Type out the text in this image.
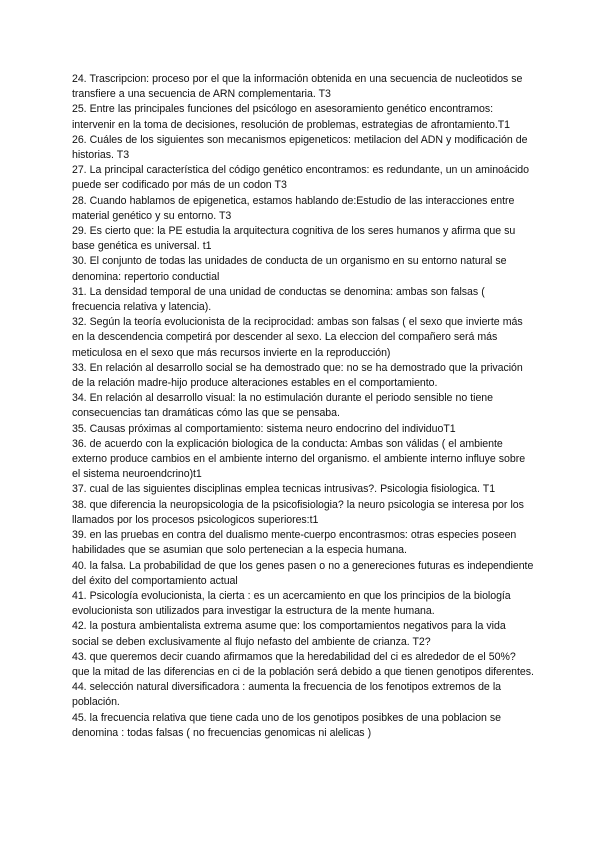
24. Trascripcion: proceso por el que la información obtenida en una secuencia de nucleotidos se transfiere a una secuencia de ARN complementaria. T3

25. Entre las principales funciones del psicólogo en asesoramiento genético encontramos: intervenir en la toma de decisiones, resolución de problemas, estrategias de afrontamiento.T1

26. Cuáles de los siguientes son mecanismos epigeneticos: metilacion del ADN y modificación de historias. T3

27. La principal característica del código genético encontramos: es redundante, un un aminoácido puede ser codificado por más de un codon T3

28. Cuando hablamos de epigenetica, estamos hablando de:Estudio de las interacciones entre material genético y su entorno. T3

29. Es cierto que: la PE estudia la arquitectura cognitiva de los seres humanos y afirma que su base genética es universal. t1

30. El conjunto de todas las unidades de conducta de un organismo en su entorno natural se denomina: repertorio conductial

31. La densidad temporal de una unidad de conductas se denomina: ambas son falsas ( frecuencia relativa y latencia).

32. Según la teoría evolucionista de la reciprocidad: ambas son falsas ( el sexo que invierte más en la descendencia competirá por descender al sexo. La eleccion del compañero será más meticulosa en el sexo que más recursos invierte en la reproducción)

33. En relación al desarrollo social se ha demostrado que: no se ha demostrado que la privación de la relación madre-hijo produce alteraciones estables en el comportamiento.

34. En relación al desarrollo visual: la no estimulación durante el periodo sensible no tiene consecuencias tan dramáticas cómo las que se pensaba.

35. Causas próximas al comportamiento: sistema neuro endocrino del individuoT1

36. de acuerdo con la explicación biologica de la conducta: Ambas son válidas ( el ambiente externo produce cambios en el ambiente interno del organismo. el ambiente interno influye sobre el sistema neuroendcrino)t1

37. cual de las siguientes disciplinas emplea tecnicas intrusivas?. Psicologia fisiologica. T1

38. que diferencia la neuropsicologia de la psicofisiologia? la neuro psicologia se interesa por los llamados por los procesos psicologicos superiores:t1

39. en las pruebas en contra del dualismo mente-cuerpo encontrasmos: otras especies poseen habilidades que se asumian que solo pertenecian a la especia humana.

40. la falsa. La probabilidad de que los genes pasen o no a genereciones futuras es independiente del éxito del comportamiento actual

41. Psicología evolucionista, la cierta : es un acercamiento en que los principios de la biología evolucionista son utilizados para investigar la estructura de la mente humana.

42. la postura ambientalista extrema asume que: los comportamientos negativos para la vida social se deben exclusivamente al flujo nefasto del ambiente de crianza. T2?

43. que queremos decir cuando afirmamos que la heredabilidad del ci es alrededor de el 50%? que la mitad de las diferencias en ci de la población será debido a que tienen genotipos diferentes.

44. selección natural diversificadora : aumenta la frecuencia de los fenotipos extremos de la población.

45. la frecuencia relativa que tiene cada uno de los genotipos posibkes de una poblacion se denomina : todas falsas ( no frecuencias genomicas ni alelicas )
